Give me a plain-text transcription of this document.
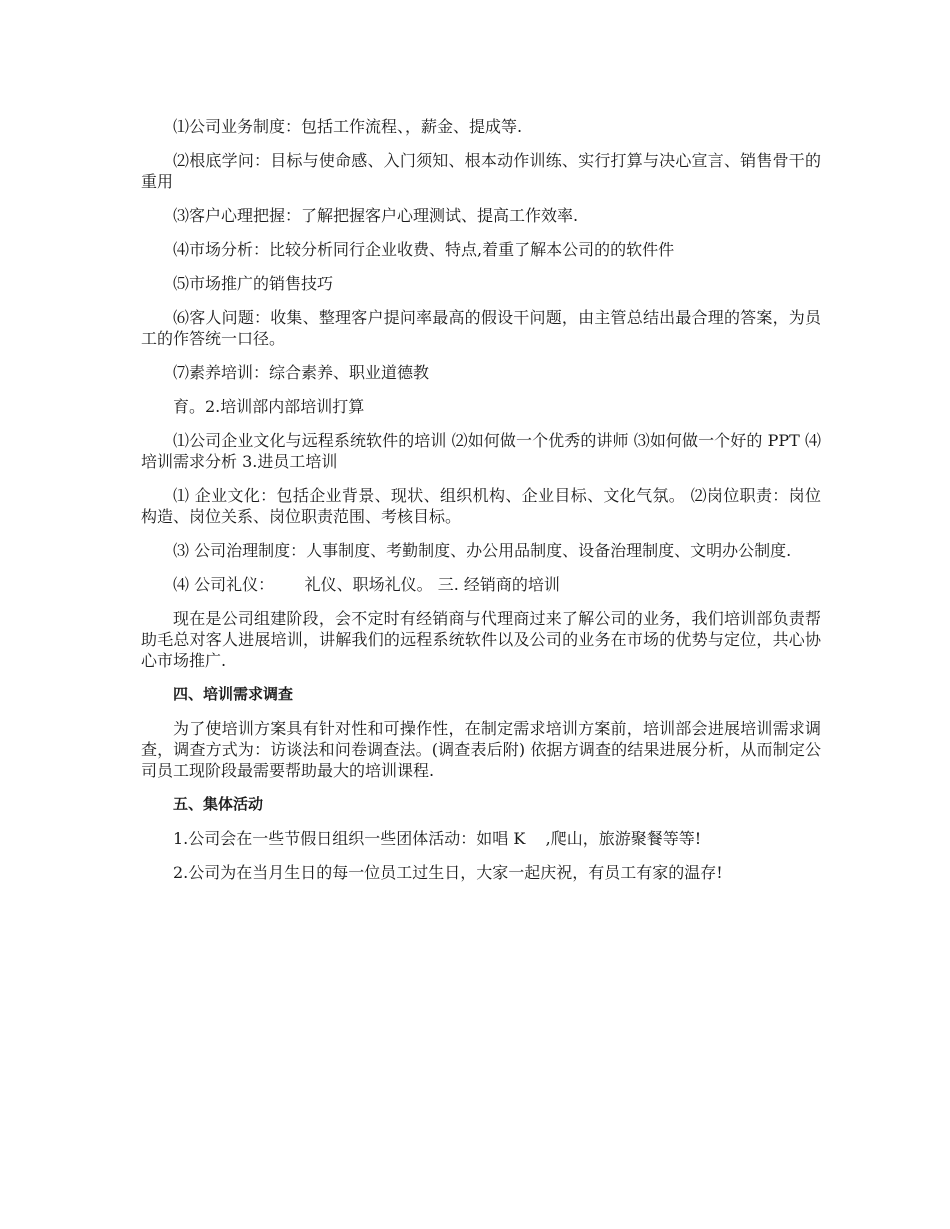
⑴公司业务制度：包括工作流程、，薪金、提成等.

⑵根底学问：目标与使命感、入门须知、根本动作训练、实行打算与决心宣言、销售骨干的重用

⑶客户心理把握：了解把握客户心理测试、提高工作效率.

⑷市场分析：比较分析同行企业收费、特点,着重了解本公司的的软件件

⑸市场推广的销售技巧

⑹客人问题：收集、整理客户提问率最高的假设干问题，由主管总结出最合理的答案，为员工的作答统一口径。

⑺素养培训：综合素养、职业道德教

育。2.培训部内部培训打算

⑴公司企业文化与远程系统软件的培训 ⑵如何做一个优秀的讲师 ⑶如何做一个好的 PPT ⑷培训需求分析 3.进员工培训

⑴ 企业文化：包括企业背景、现状、组织机构、企业目标、文化气氛。 ⑵岗位职责：岗位构造、岗位关系、岗位职责范围、考核目标。

⑶ 公司治理制度：人事制度、考勤制度、办公用品制度、设备治理制度、文明办公制度.

⑷ 公司礼仪：      礼仪、职场礼仪。 三. 经销商的培训

现在是公司组建阶段，会不定时有经销商与代理商过来了解公司的业务，我们培训部负责帮助毛总对客人进展培训，讲解我们的远程系统软件以及公司的业务在市场的优势与定位，共心协心市场推广.

四、培训需求调查

为了使培训方案具有针对性和可操作性，在制定需求培训方案前，培训部会进展培训需求调查，调查方式为：访谈法和问卷调查法。(调查表后附) 依据方调查的结果进展分析，从而制定公司员工现阶段最需要帮助最大的培训课程.

五、集体活动

1.公司会在一些节假日组织一些团体活动：如唱 K    ,爬山，旅游聚餐等等!

2.公司为在当月生日的每一位员工过生日，大家一起庆祝，有员工有家的温存!
